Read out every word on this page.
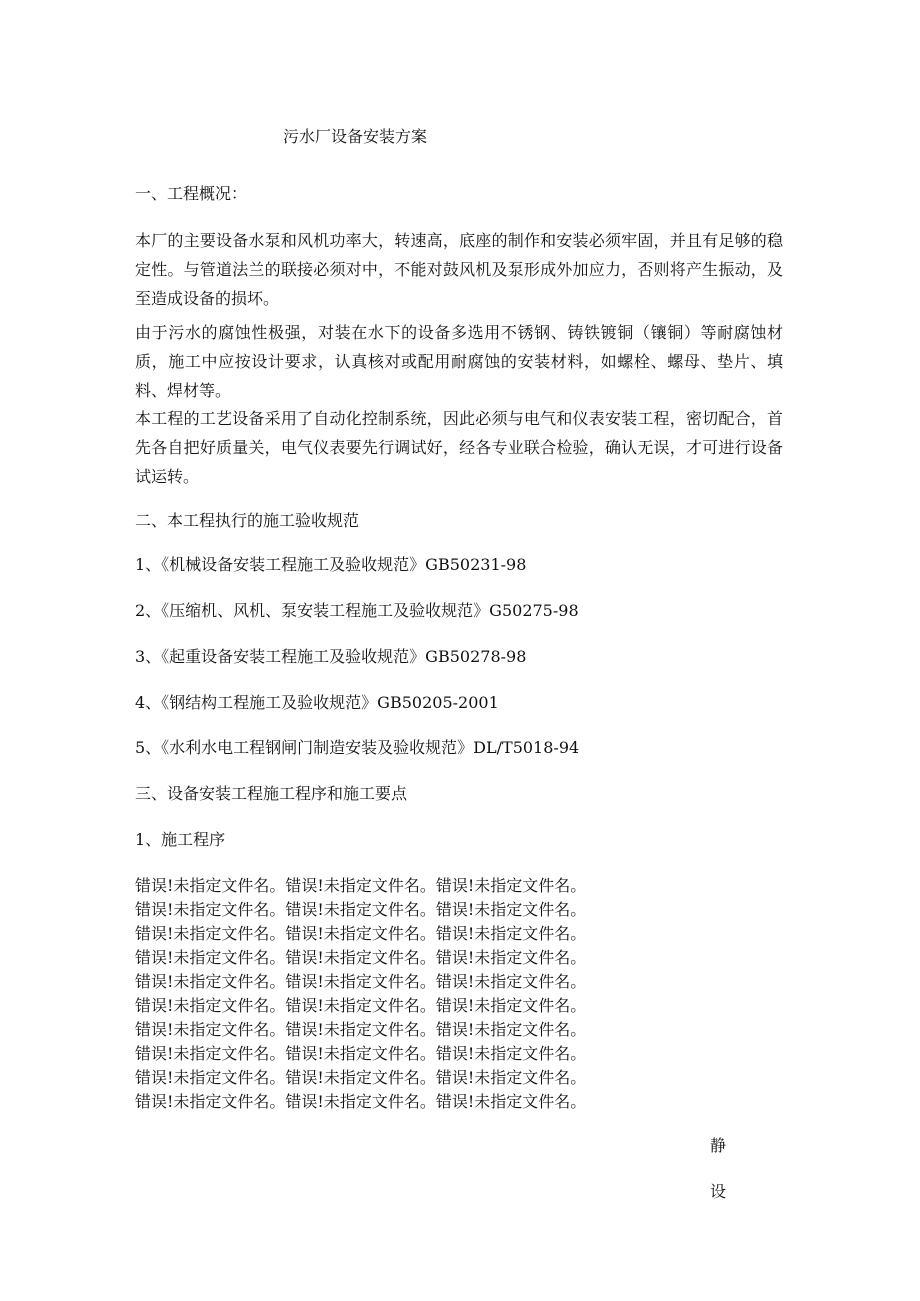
污水厂设备安装方案
一、工程概况：
本厂的主要设备水泵和风机功率大，转速高，底座的制作和安装必须牢固，并且有足够的稳定性。与管道法兰的联接必须对中，不能对鼓风机及泵形成外加应力，否则将产生振动，及至造成设备的损坏。
由于污水的腐蚀性极强，对装在水下的设备多选用不锈钢、铸铁镀铜（镶铜）等耐腐蚀材质，施工中应按设计要求，认真核对或配用耐腐蚀的安装材料，如螺栓、螺母、垫片、填料、焊材等。
本工程的工艺设备采用了自动化控制系统，因此必须与电气和仪表安装工程，密切配合，首先各自把好质量关，电气仪表要先行调试好，经各专业联合检验，确认无误，才可进行设备试运转。
二、本工程执行的施工验收规范
1、《机械设备安装工程施工及验收规范》GB50231-98
2、《压缩机、风机、泵安装工程施工及验收规范》G50275-98
3、《起重设备安装工程施工及验收规范》GB50278-98
4、《钢结构工程施工及验收规范》GB50205-2001
5、《水利水电工程钢闸门制造安装及验收规范》DL/T5018-94
三、设备安装工程施工程序和施工要点
1、施工程序
错误!未指定文件名。错误!未指定文件名。错误!未指定文件名。
错误!未指定文件名。错误!未指定文件名。错误!未指定文件名。
错误!未指定文件名。错误!未指定文件名。错误!未指定文件名。
错误!未指定文件名。错误!未指定文件名。错误!未指定文件名。
错误!未指定文件名。错误!未指定文件名。错误!未指定文件名。
错误!未指定文件名。错误!未指定文件名。错误!未指定文件名。
错误!未指定文件名。错误!未指定文件名。错误!未指定文件名。
错误!未指定文件名。错误!未指定文件名。错误!未指定文件名。
错误!未指定文件名。错误!未指定文件名。错误!未指定文件名。
错误!未指定文件名。错误!未指定文件名。错误!未指定文件名。
静
设
